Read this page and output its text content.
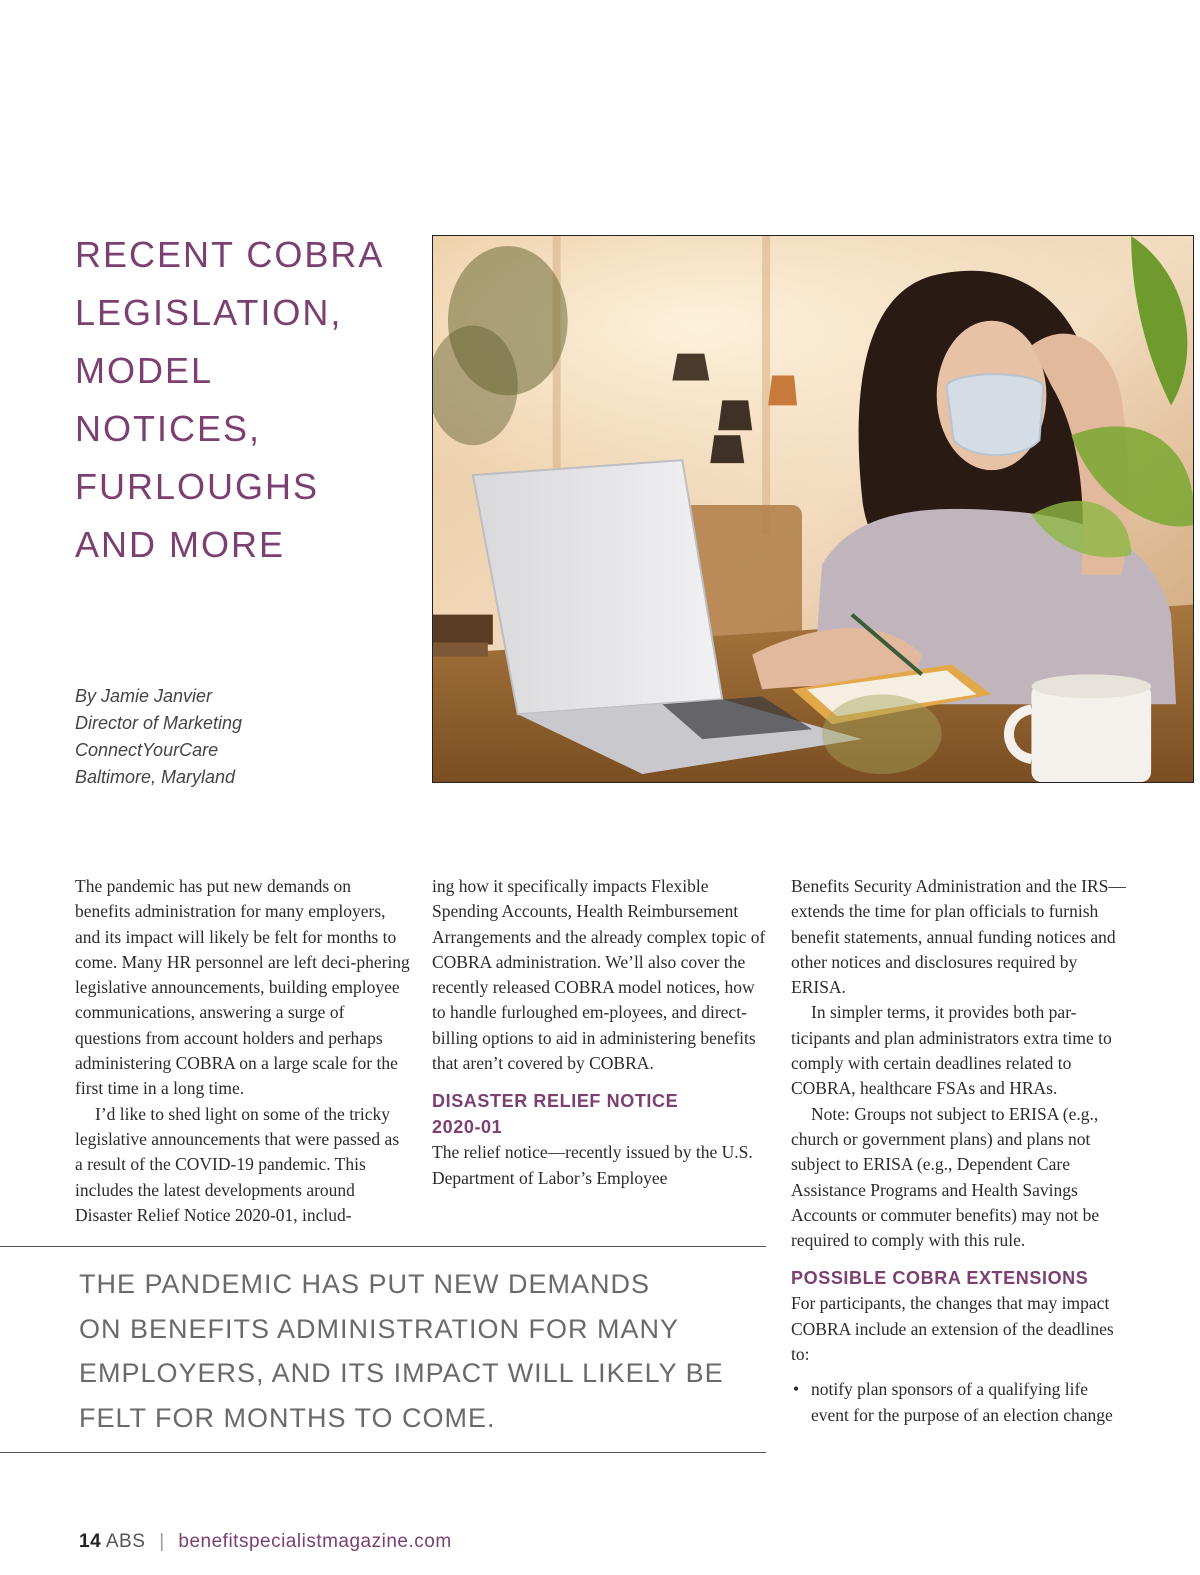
RECENT COBRA
LEGISLATION,
MODEL
NOTICES,
FURLOUGHS
AND MORE
By Jamie Janvier
Director of Marketing
ConnectYourCare
Baltimore, Maryland

The pandemic has put new demands on benefits administration for many employers, and its impact will likely be felt for months to come. Many HR personnel are left deci-phering legislative announcements, building employee communications, answering a surge of questions from account holders and perhaps administering COBRA on a large scale for the first time in a long time.

I’d like to shed light on some of the tricky legislative announcements that were passed as a result of the COVID-19 pandemic. This includes the latest developments around Disaster Relief Notice 2020-01, includ-

ing how it specifically impacts Flexible Spending Accounts, Health Reimbursement Arrangements and the already complex topic of COBRA administration. We’ll also cover the recently released COBRA model notices, how to handle furloughed em-ployees, and direct-billing options to aid in administering benefits that aren’t covered by COBRA.

DISASTER RELIEF NOTICE
2020-01

The relief notice—recently issued by the U.S. Department of Labor’s Employee

Benefits Security Administration and the IRS—extends the time for plan officials to furnish benefit statements, annual funding notices and other notices and disclosures required by ERISA.

In simpler terms, it provides both par-ticipants and plan administrators extra time to comply with certain deadlines related to COBRA, healthcare FSAs and HRAs.

Note: Groups not subject to ERISA (e.g., church or government plans) and plans not subject to ERISA (e.g., Dependent Care Assistance Programs and Health Savings Accounts or commuter benefits) may not be required to comply with this rule.

POSSIBLE COBRA EXTENSIONS

For participants, the changes that may impact COBRA include an extension of the deadlines to:

• notify plan sponsors of a qualifying life event for the purpose of an election change
THE PANDEMIC HAS PUT NEW DEMANDS
ON BENEFITS ADMINISTRATION FOR MANY
EMPLOYERS, AND ITS IMPACT WILL LIKELY BE
FELT FOR MONTHS TO COME.
14 ABS | benefitspecialistmagazine.com
